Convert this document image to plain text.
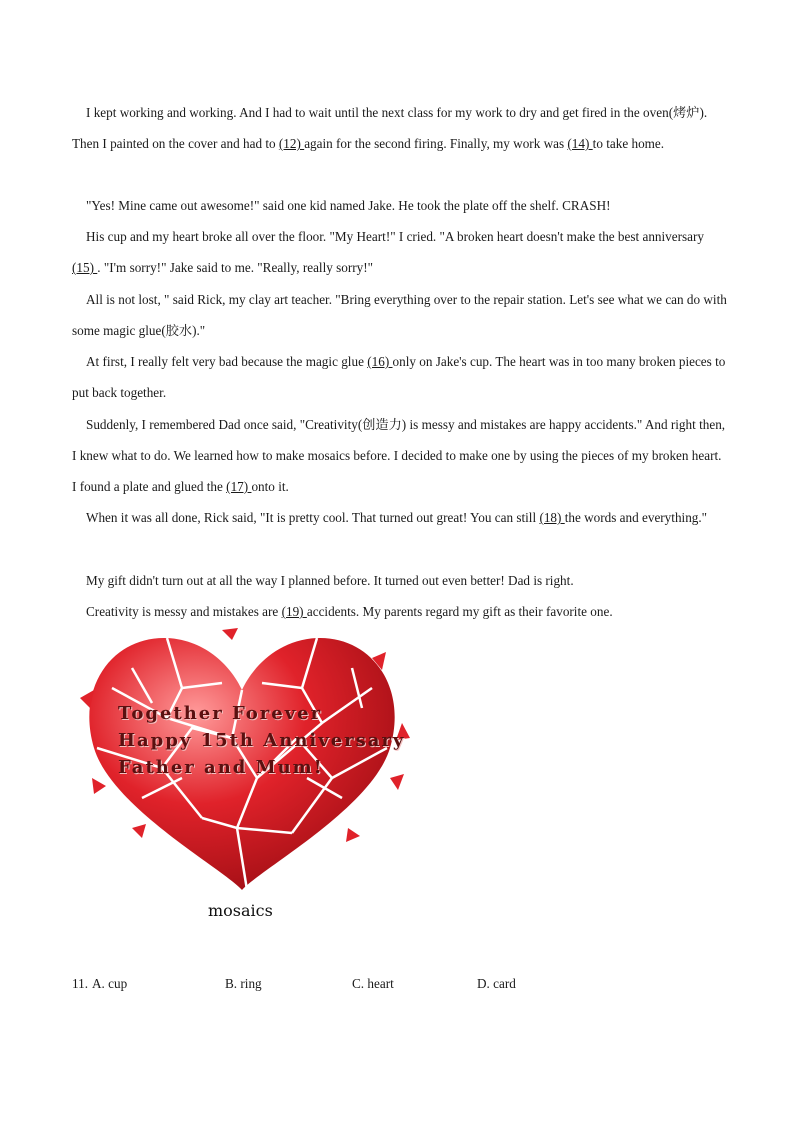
I kept working and working. And I had to wait until the next class for my work to dry and get fired in the oven(烤炉). Then I painted on the cover and had to (12) again for the second firing. Finally, my work was (14) to take home.

"Yes! Mine came out awesome!" said one kid named Jake. He took the plate off the shelf. CRASH!

His cup and my heart broke all over the floor. "My Heart!" I cried. "A broken heart doesn't make the best anniversary (15) . "I'm sorry!" Jake said to me. "Really, really sorry!"

All is not lost, " said Rick, my clay art teacher. "Bring everything over to the repair station. Let's see what we can do with some magic glue(胶水)."

At first, I really felt very bad because the magic glue (16) only on Jake's cup. The heart was in too many broken pieces to put back together.

Suddenly, I remembered Dad once said, "Creativity(创造力) is messy and mistakes are happy accidents." And right then, I knew what to do. We learned how to make mosaics before. I decided to make one by using the pieces of my broken heart. I found a plate and glued the (17) onto it.

When it was all done, Rick said, "It is pretty cool. That turned out great! You can still (18) the words and everything."

My gift didn't turn out at all the way I planned before. It turned out even better! Dad is right.

Creativity is messy and mistakes are (19) accidents. My parents regard my gift as their favorite one.

Together Forever
Happy 15th Anniversary
Father and Mum!
mosaics
11. A. cup	B. ring	C. heart	D. card
